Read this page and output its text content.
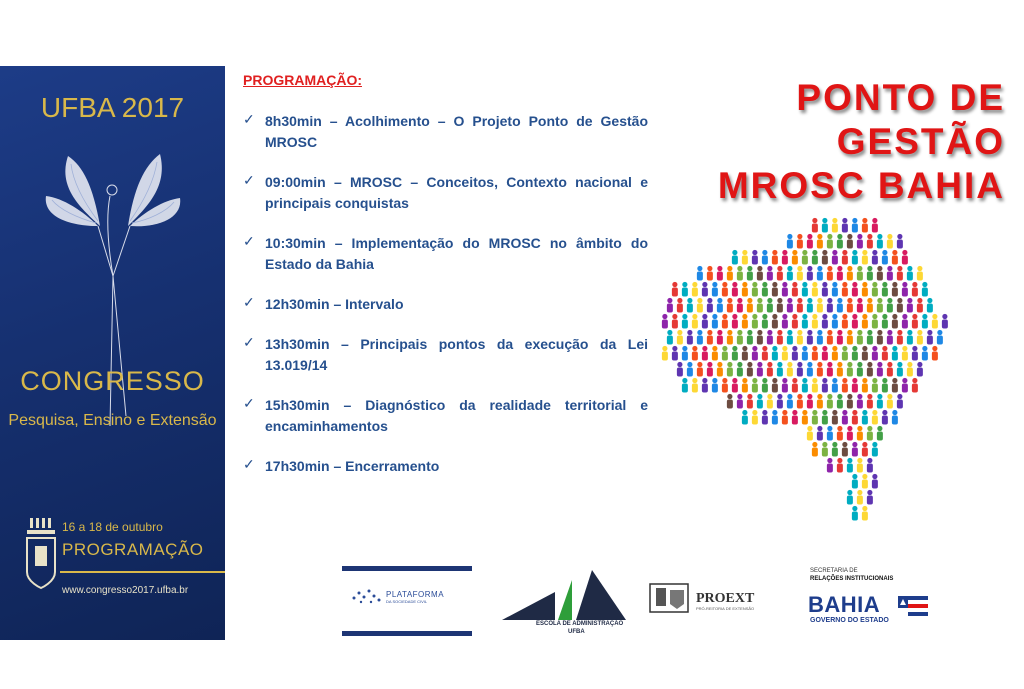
UFBA 2017
CONGRESSO
Pesquisa, Ensino e Extensão
16 a 18 de outubro
PROGRAMAÇÃO
www.congresso2017.ufba.br
PROGRAMAÇÃO:
✓ 8h30min – Acolhimento – O Projeto Ponto de Gestão MROSC
✓ 09:00min – MROSC – Conceitos, Contexto nacional e principais conquistas
✓ 10:30min – Implementação do MROSC no âmbito do Estado da Bahia
✓ 12h30min – Intervalo
✓ 13h30min – Principais pontos da execução da Lei 13.019/14
✓ 15h30min – Diagnóstico da realidade territorial e encaminhamentos
✓ 17h30min – Encerramento
PONTO DE
GESTÃO
MROSC BAHIA
PLATAFORMA
DA SOCIEDADE CIVIL
ESCOLA DE ADMINISTRAÇÃO
UFBA
PROEXT
PRÓ-REITORIA DE EXTENSÃO
SECRETARIA DE
RELAÇÕES INSTITUCIONAIS
BAHIA
GOVERNO DO ESTADO
